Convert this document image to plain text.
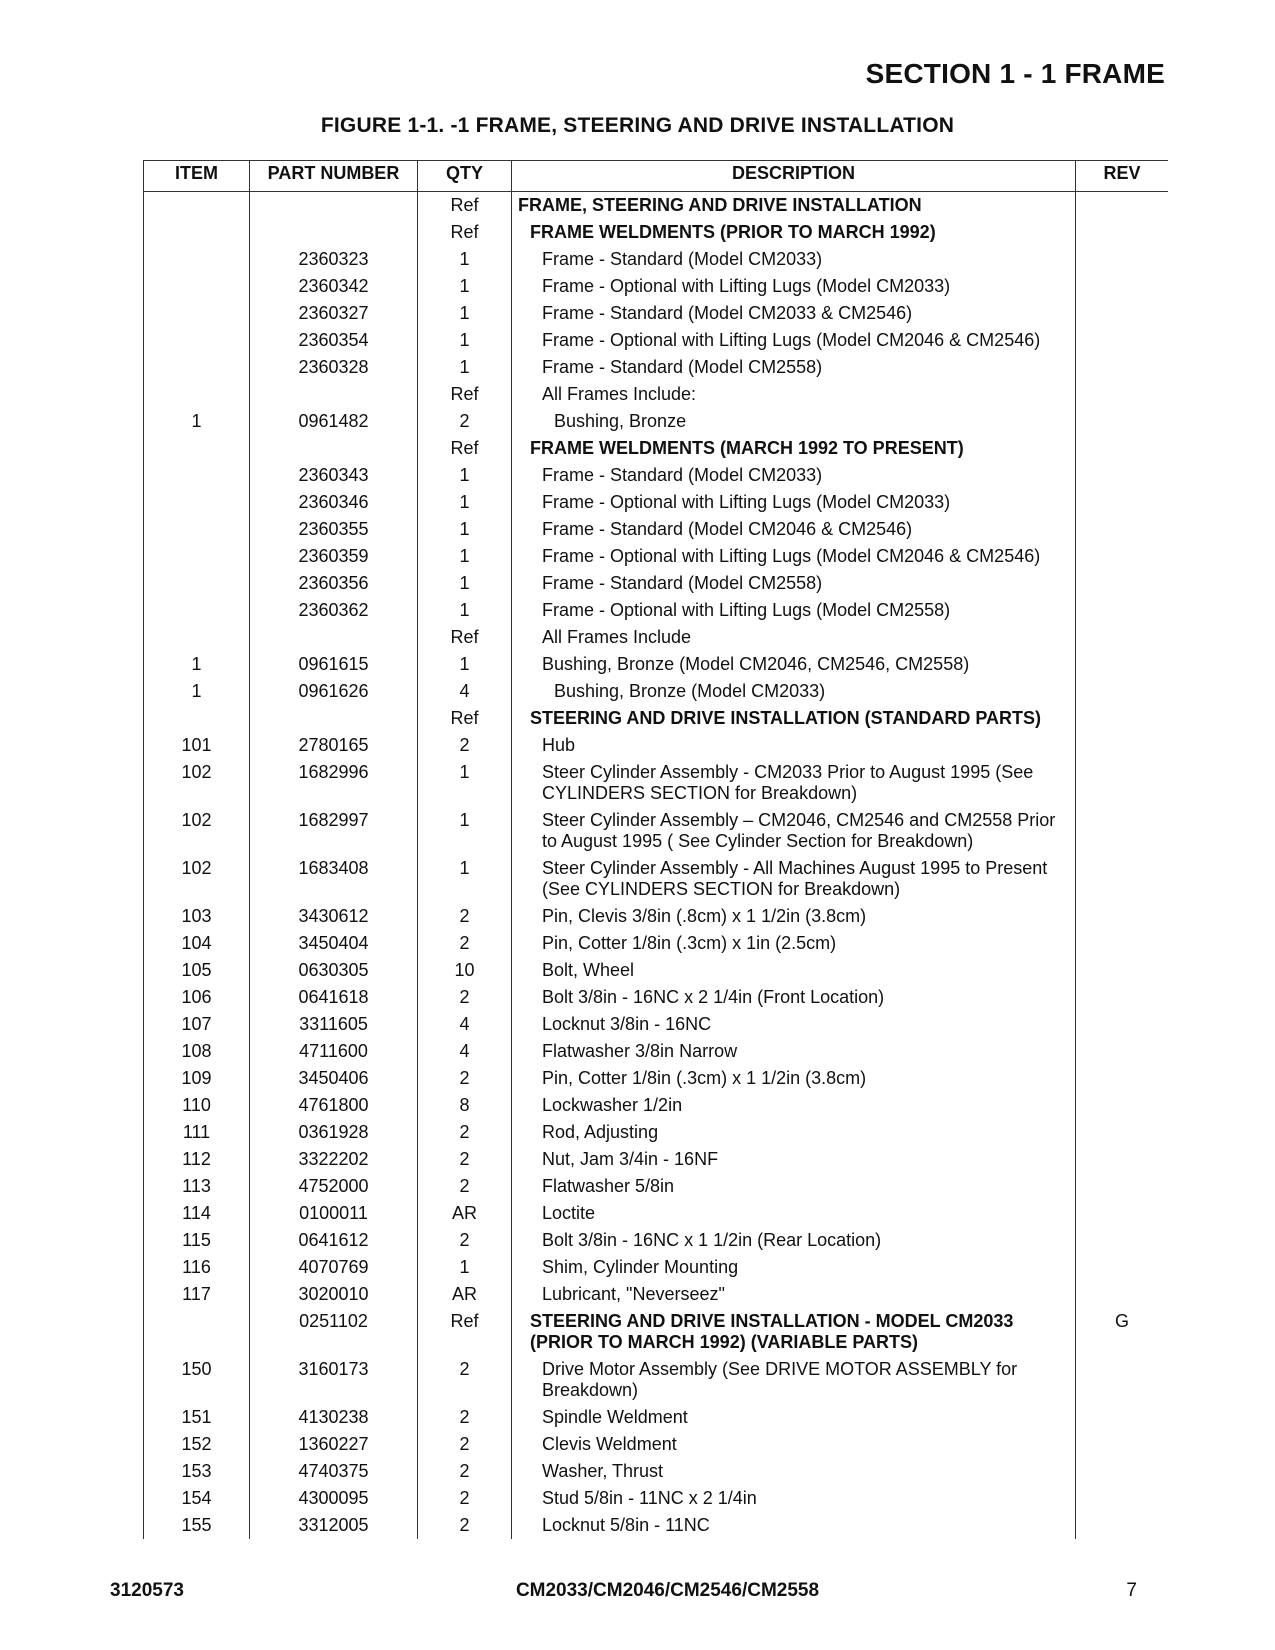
SECTION 1 - 1 FRAME
FIGURE 1-1. -1 FRAME, STEERING AND DRIVE INSTALLATION
ITEM	PART NUMBER	QTY	DESCRIPTION	REV
		Ref	FRAME, STEERING AND DRIVE INSTALLATION	
		Ref	FRAME WELDMENTS (PRIOR TO MARCH 1992)	
	2360323	1	Frame - Standard (Model CM2033)	
	2360342	1	Frame - Optional with Lifting Lugs (Model CM2033)	
	2360327	1	Frame - Standard (Model CM2033 & CM2546)	
	2360354	1	Frame - Optional with Lifting Lugs (Model CM2046 & CM2546)	
	2360328	1	Frame - Standard (Model CM2558)	
		Ref	All Frames Include:	
1	0961482	2	Bushing, Bronze	
		Ref	FRAME WELDMENTS (MARCH 1992 TO PRESENT)	
	2360343	1	Frame - Standard (Model CM2033)	
	2360346	1	Frame - Optional with Lifting Lugs (Model CM2033)	
	2360355	1	Frame - Standard (Model CM2046 & CM2546)	
	2360359	1	Frame - Optional with Lifting Lugs (Model CM2046 & CM2546)	
	2360356	1	Frame - Standard (Model CM2558)	
	2360362	1	Frame - Optional with Lifting Lugs (Model CM2558)	
		Ref	All Frames Include	
1	0961615	1	Bushing, Bronze (Model CM2046, CM2546, CM2558)	
1	0961626	4	Bushing, Bronze (Model CM2033)	
		Ref	STEERING AND DRIVE INSTALLATION (STANDARD PARTS)	
101	2780165	2	Hub	
102	1682996	1	Steer Cylinder Assembly - CM2033 Prior to August 1995 (See CYLINDERS SECTION for Breakdown)	
102	1682997	1	Steer Cylinder Assembly – CM2046, CM2546 and CM2558 Prior to August 1995 ( See Cylinder Section for Breakdown)	
102	1683408	1	Steer Cylinder Assembly - All Machines August 1995 to Present (See CYLINDERS SECTION for Breakdown)	
103	3430612	2	Pin, Clevis 3/8in (.8cm) x 1 1/2in (3.8cm)	
104	3450404	2	Pin, Cotter 1/8in (.3cm) x 1in (2.5cm)	
105	0630305	10	Bolt, Wheel	
106	0641618	2	Bolt 3/8in - 16NC x 2 1/4in (Front Location)	
107	3311605	4	Locknut 3/8in - 16NC	
108	4711600	4	Flatwasher 3/8in Narrow	
109	3450406	2	Pin, Cotter 1/8in (.3cm) x 1 1/2in (3.8cm)	
110	4761800	8	Lockwasher 1/2in	
111	0361928	2	Rod, Adjusting	
112	3322202	2	Nut, Jam 3/4in - 16NF	
113	4752000	2	Flatwasher 5/8in	
114	0100011	AR	Loctite	
115	0641612	2	Bolt 3/8in - 16NC x 1 1/2in (Rear Location)	
116	4070769	1	Shim, Cylinder Mounting	
117	3020010	AR	Lubricant, "Neverseez"	
	0251102	Ref	STEERING AND DRIVE INSTALLATION - MODEL CM2033 (PRIOR TO MARCH 1992) (VARIABLE PARTS)	G
150	3160173	2	Drive Motor Assembly (See DRIVE MOTOR ASSEMBLY for Breakdown)	
151	4130238	2	Spindle Weldment	
152	1360227	2	Clevis Weldment	
153	4740375	2	Washer, Thrust	
154	4300095	2	Stud 5/8in - 11NC x 2 1/4in	
155	3312005	2	Locknut 5/8in - 11NC	
3120573	CM2033/CM2046/CM2546/CM2558	7
